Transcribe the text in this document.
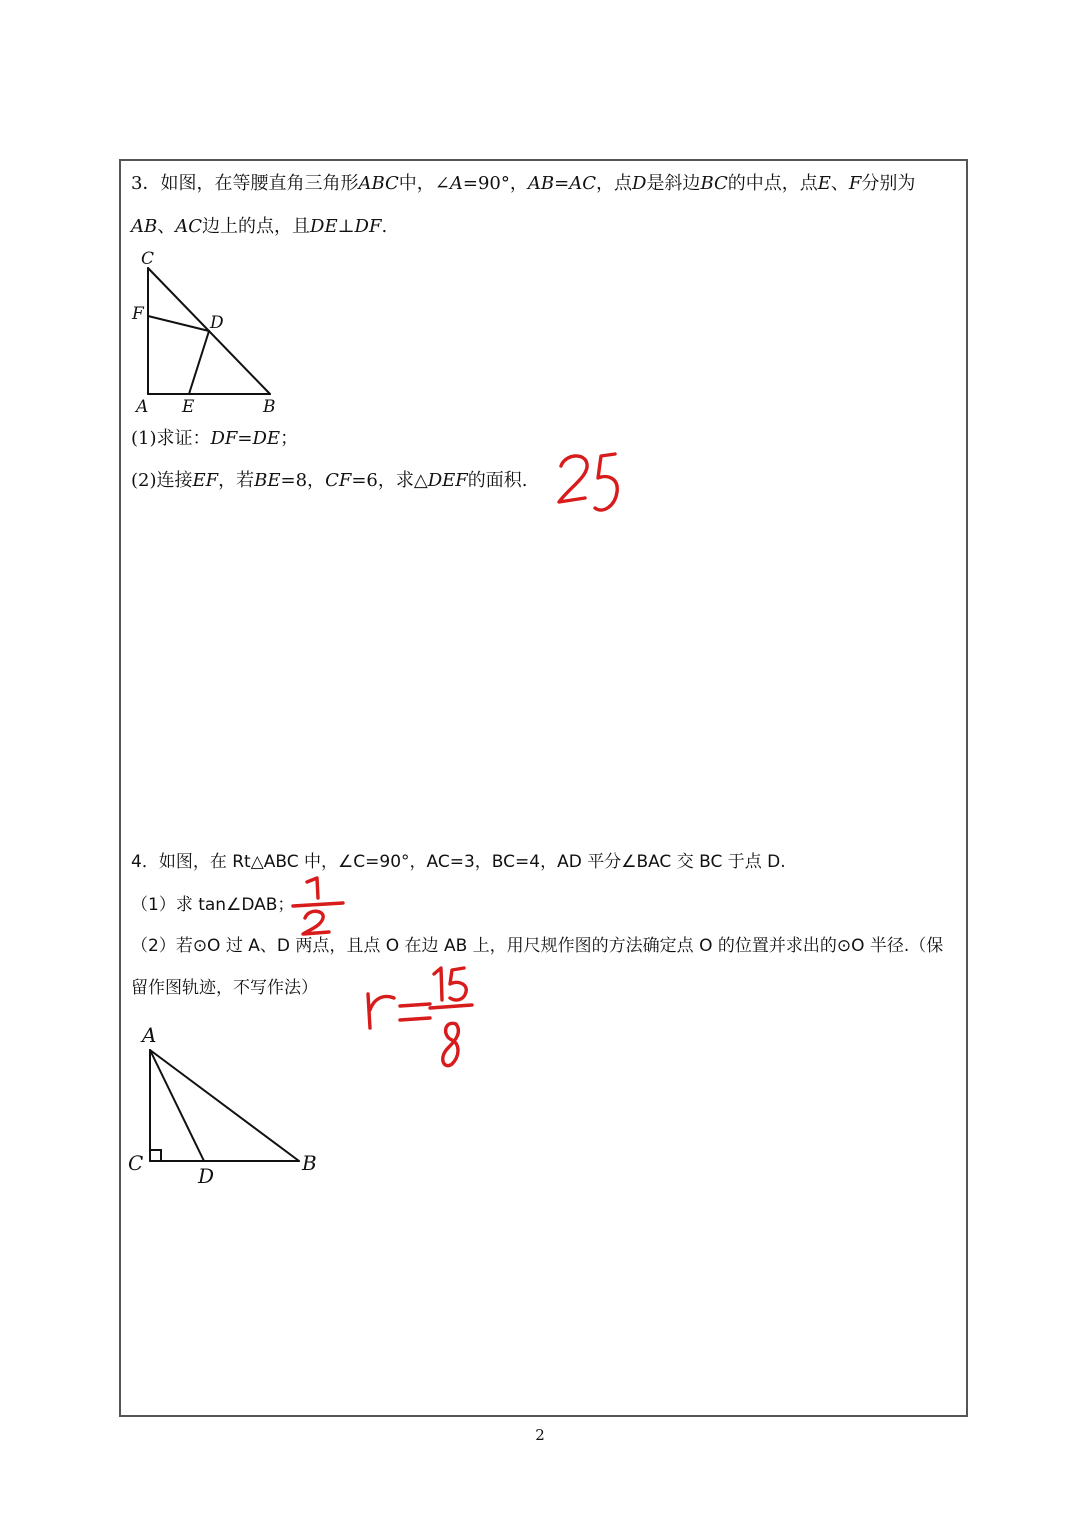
3．如图，在等腰直角三角形ABC中，∠A=90°，AB=AC，点D是斜边BC的中点，点E、F分别为
AB、AC边上的点，且DE⊥DF.
C
F	D
A E	B
(1)求证：DF=DE；
(2)连接EF，若BE=8，CF=6，求△DEF的面积.
4．如图，在 Rt△ABC 中，∠C=90°，AC=3，BC=4，AD 平分∠BAC 交 BC 于点 D.
（1）求 tan∠DAB；
（2）若⊙O 过 A、D 两点，且点 O 在边 AB 上，用尺规作图的方法确定点 O 的位置并求出的⊙O 半径.（保
留作图轨迹，不写作法）
A
C
D
B
2
